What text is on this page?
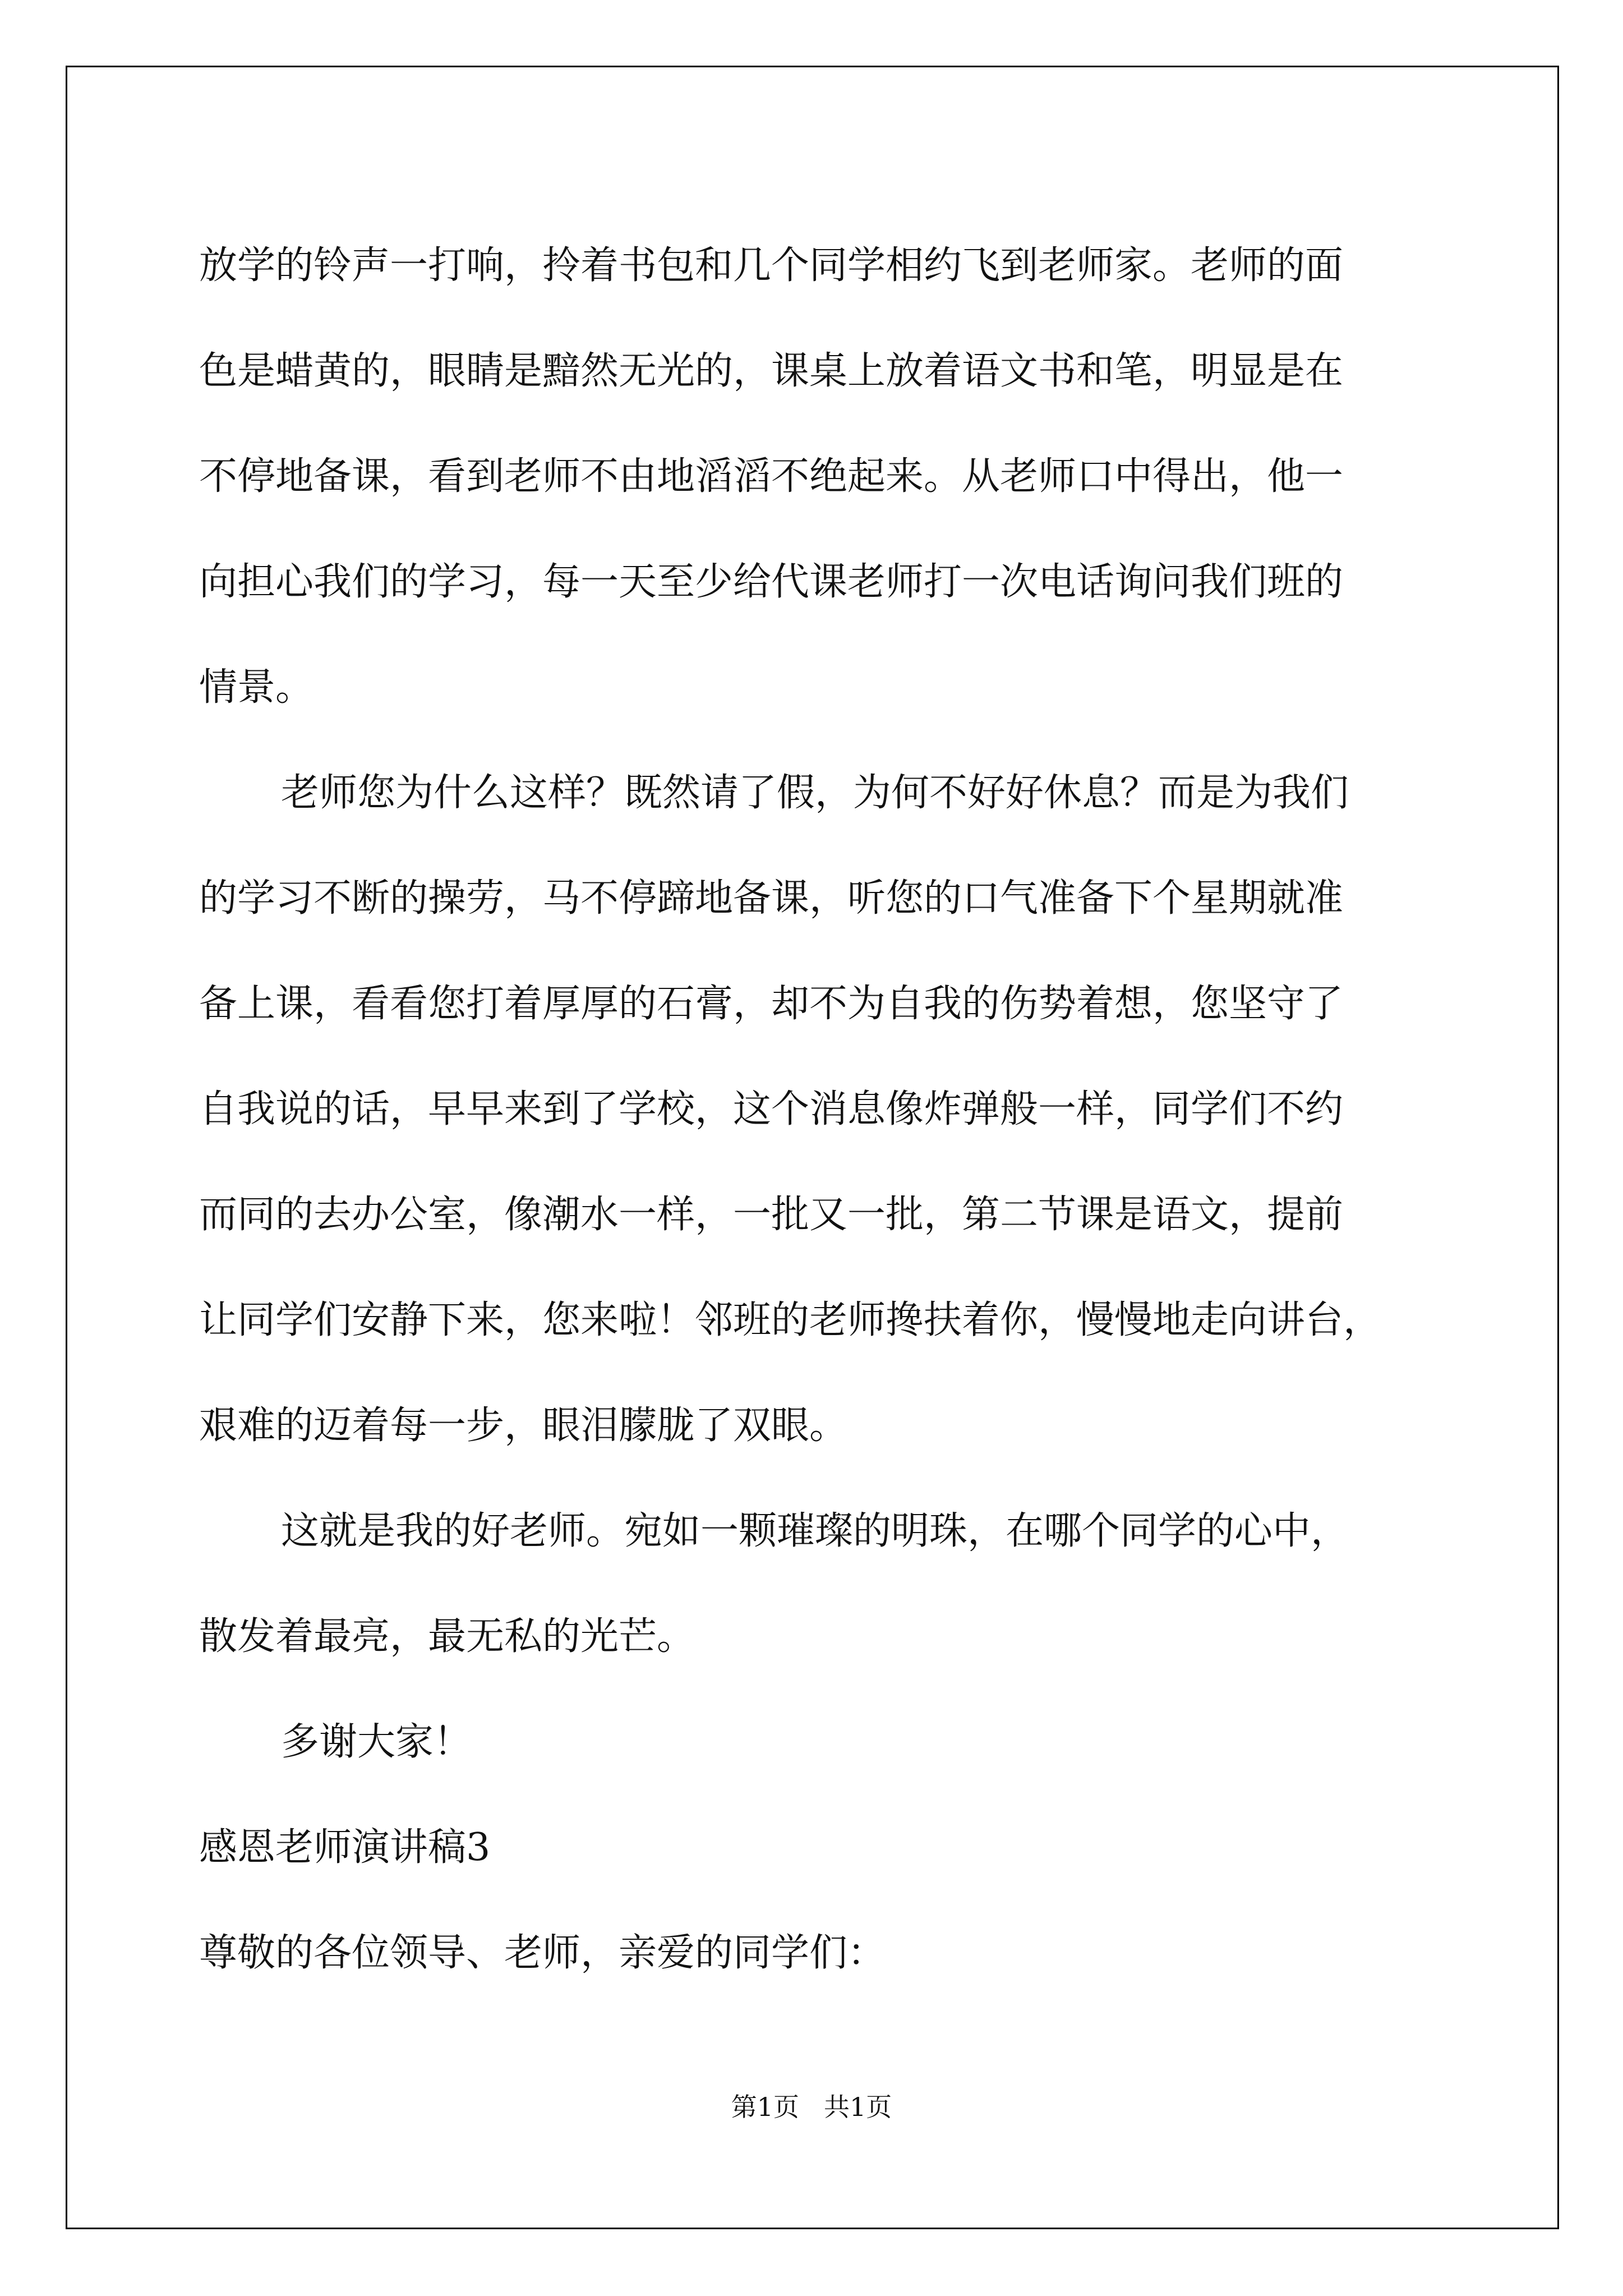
放学的铃声一打响，拎着书包和几个同学相约飞到老师家。老师的面
色是蜡黄的，眼睛是黯然无光的，课桌上放着语文书和笔，明显是在
不停地备课，看到老师不由地滔滔不绝起来。从老师口中得出，他一
向担心我们的学习，每一天至少给代课老师打一次电话询问我们班的
情景。
老师您为什么这样？既然请了假，为何不好好休息？而是为我们
的学习不断的操劳，马不停蹄地备课，听您的口气准备下个星期就准
备上课，看看您打着厚厚的石膏，却不为自我的伤势着想，您坚守了
自我说的话，早早来到了学校，这个消息像炸弹般一样，同学们不约
而同的去办公室，像潮水一样，一批又一批，第二节课是语文，提前
让同学们安静下来，您来啦！邻班的老师搀扶着你，慢慢地走向讲台，
艰难的迈着每一步，眼泪朦胧了双眼。
这就是我的好老师。宛如一颗璀璨的明珠，在哪个同学的心中，
散发着最亮，最无私的光芒。
多谢大家！
感恩老师演讲稿3
尊敬的各位领导、老师，亲爱的同学们：
第1页 共1页
